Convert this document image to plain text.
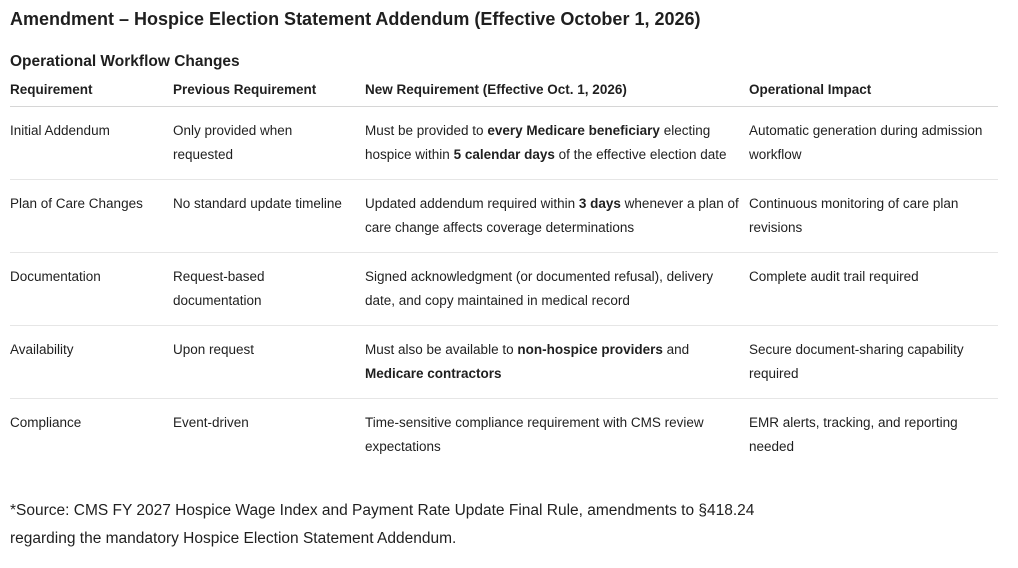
Amendment – Hospice Election Statement Addendum (Effective October 1, 2026)
Operational Workflow Changes
Requirement	Previous Requirement	New Requirement (Effective Oct. 1, 2026)	Operational Impact
Initial Addendum	Only provided when requested	Must be provided to every Medicare beneficiary electing hospice within 5 calendar days of the effective election date	Automatic generation during admission workflow
Plan of Care Changes	No standard update timeline	Updated addendum required within 3 days whenever a plan of care change affects coverage determinations	Continuous monitoring of care plan revisions
Documentation	Request-based documentation	Signed acknowledgment (or documented refusal), delivery date, and copy maintained in medical record	Complete audit trail required
Availability	Upon request	Must also be available to non-hospice providers and Medicare contractors	Secure document-sharing capability required
Compliance	Event-driven	Time-sensitive compliance requirement with CMS review expectations	EMR alerts, tracking, and reporting needed

*Source: CMS FY 2027 Hospice Wage Index and Payment Rate Update Final Rule, amendments to §418.24
regarding the mandatory Hospice Election Statement Addendum.
